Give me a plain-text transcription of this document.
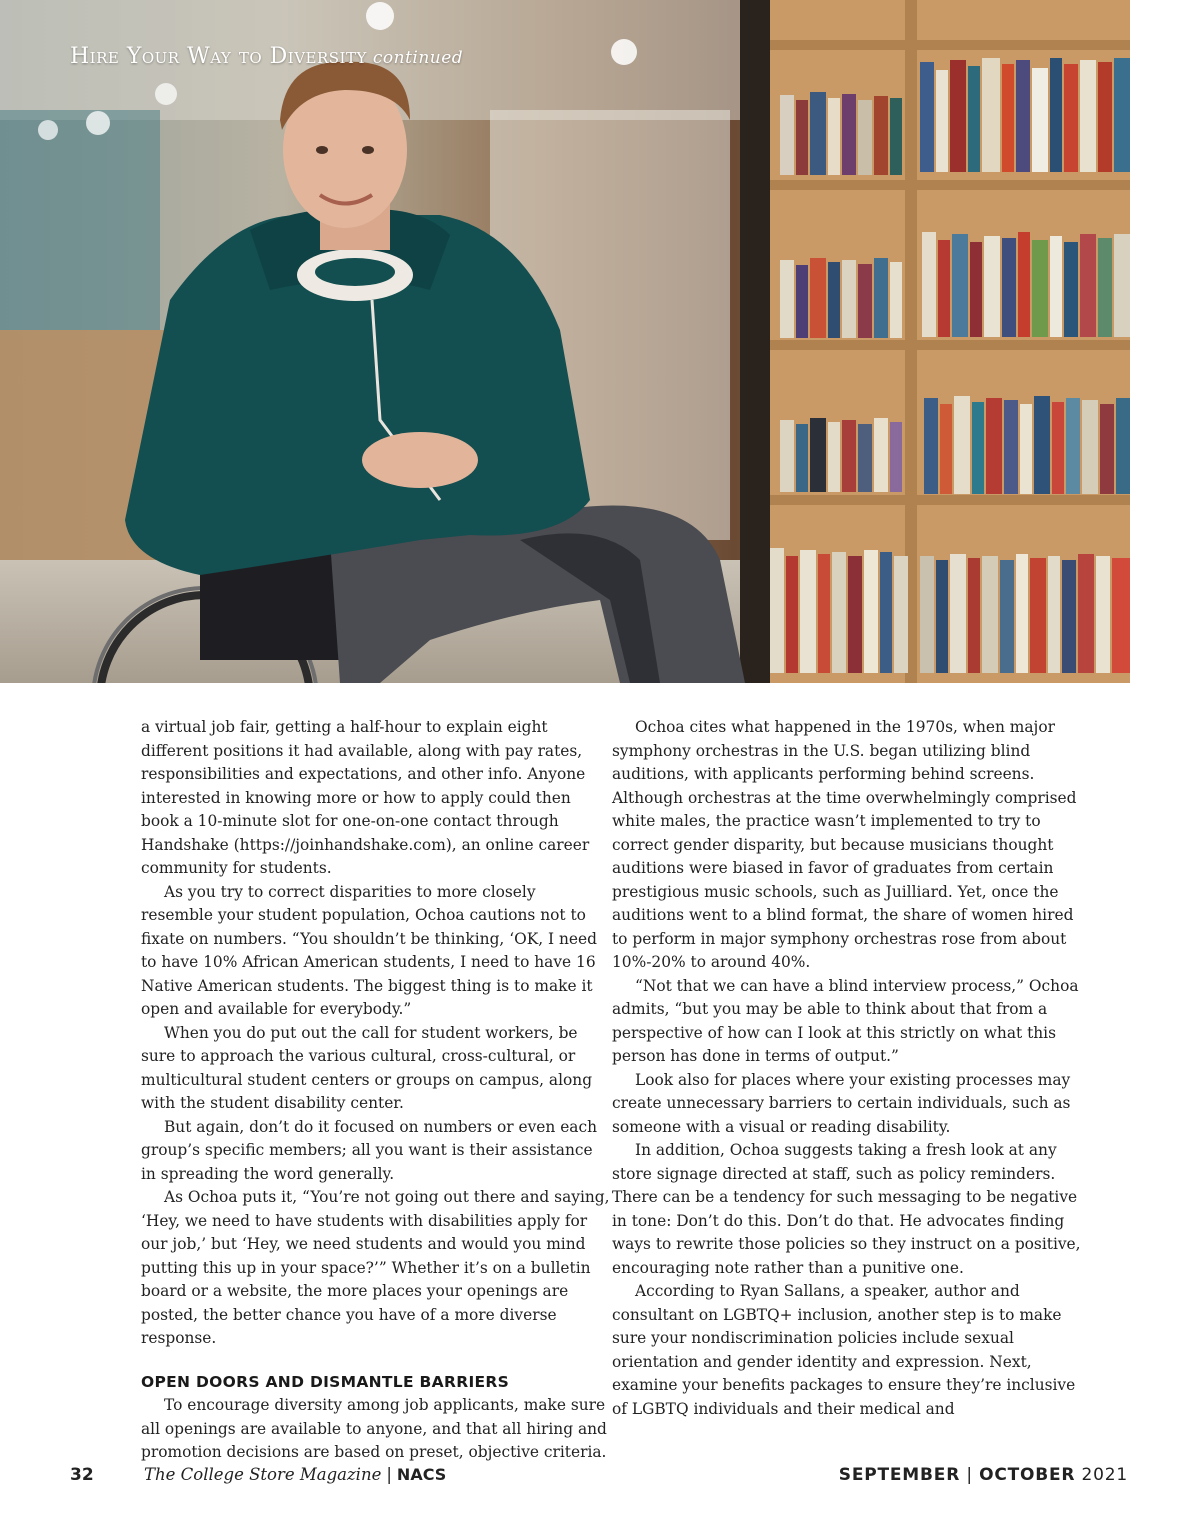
Hire Your Way to Diversity continued

a virtual job fair, getting a half-hour to explain eight different positions it had available, along with pay rates, responsibilities and expectations, and other info. Anyone interested in knowing more or how to apply could then book a 10-minute slot for one-on-one contact through Handshake (https://joinhandshake.com), an online career community for students.

As you try to correct disparities to more closely resemble your student population, Ochoa cautions not to fixate on numbers. “You shouldn’t be thinking, ‘OK, I need to have 10% African American students, I need to have 16 Native American students. The biggest thing is to make it open and available for everybody.”

When you do put out the call for student workers, be sure to approach the various cultural, cross-cultural, or multicultural student centers or groups on campus, along with the student disability center.

But again, don’t do it focused on numbers or even each group’s specific members; all you want is their assistance in spreading the word generally.

As Ochoa puts it, “You’re not going out there and saying, ‘Hey, we need to have students with disabilities apply for our job,’ but ‘Hey, we need students and would you mind putting this up in your space?’” Whether it’s on a bulletin board or a website, the more places your openings are posted, the better chance you have of a more diverse response.

OPEN DOORS AND DISMANTLE BARRIERS

To encourage diversity among job applicants, make sure all openings are available to anyone, and that all hiring and promotion decisions are based on preset, objective criteria.

Ochoa cites what happened in the 1970s, when major symphony orchestras in the U.S. began utilizing blind auditions, with applicants performing behind screens. Although orchestras at the time overwhelmingly comprised white males, the practice wasn’t implemented to try to correct gender disparity, but because musicians thought auditions were biased in favor of graduates from certain prestigious music schools, such as Juilliard. Yet, once the auditions went to a blind format, the share of women hired to perform in major symphony orchestras rose from about 10%-20% to around 40%.

“Not that we can have a blind interview process,” Ochoa admits, “but you may be able to think about that from a perspective of how can I look at this strictly on what this person has done in terms of output.”

Look also for places where your existing processes may create unnecessary barriers to certain individuals, such as someone with a visual or reading disability.

In addition, Ochoa suggests taking a fresh look at any store signage directed at staff, such as policy reminders. There can be a tendency for such messaging to be negative in tone: Don’t do this. Don’t do that. He advocates finding ways to rewrite those policies so they instruct on a positive, encouraging note rather than a punitive one.

According to Ryan Sallans, a speaker, author and consultant on LGBTQ+ inclusion, another step is to make sure your nondiscrimination policies include sexual orientation and gender identity and expression. Next, examine your benefits packages to ensure they’re inclusive of LGBTQ individuals and their medical and

32	The College Store Magazine | NACS	SEPTEMBER | OCTOBER 2021
